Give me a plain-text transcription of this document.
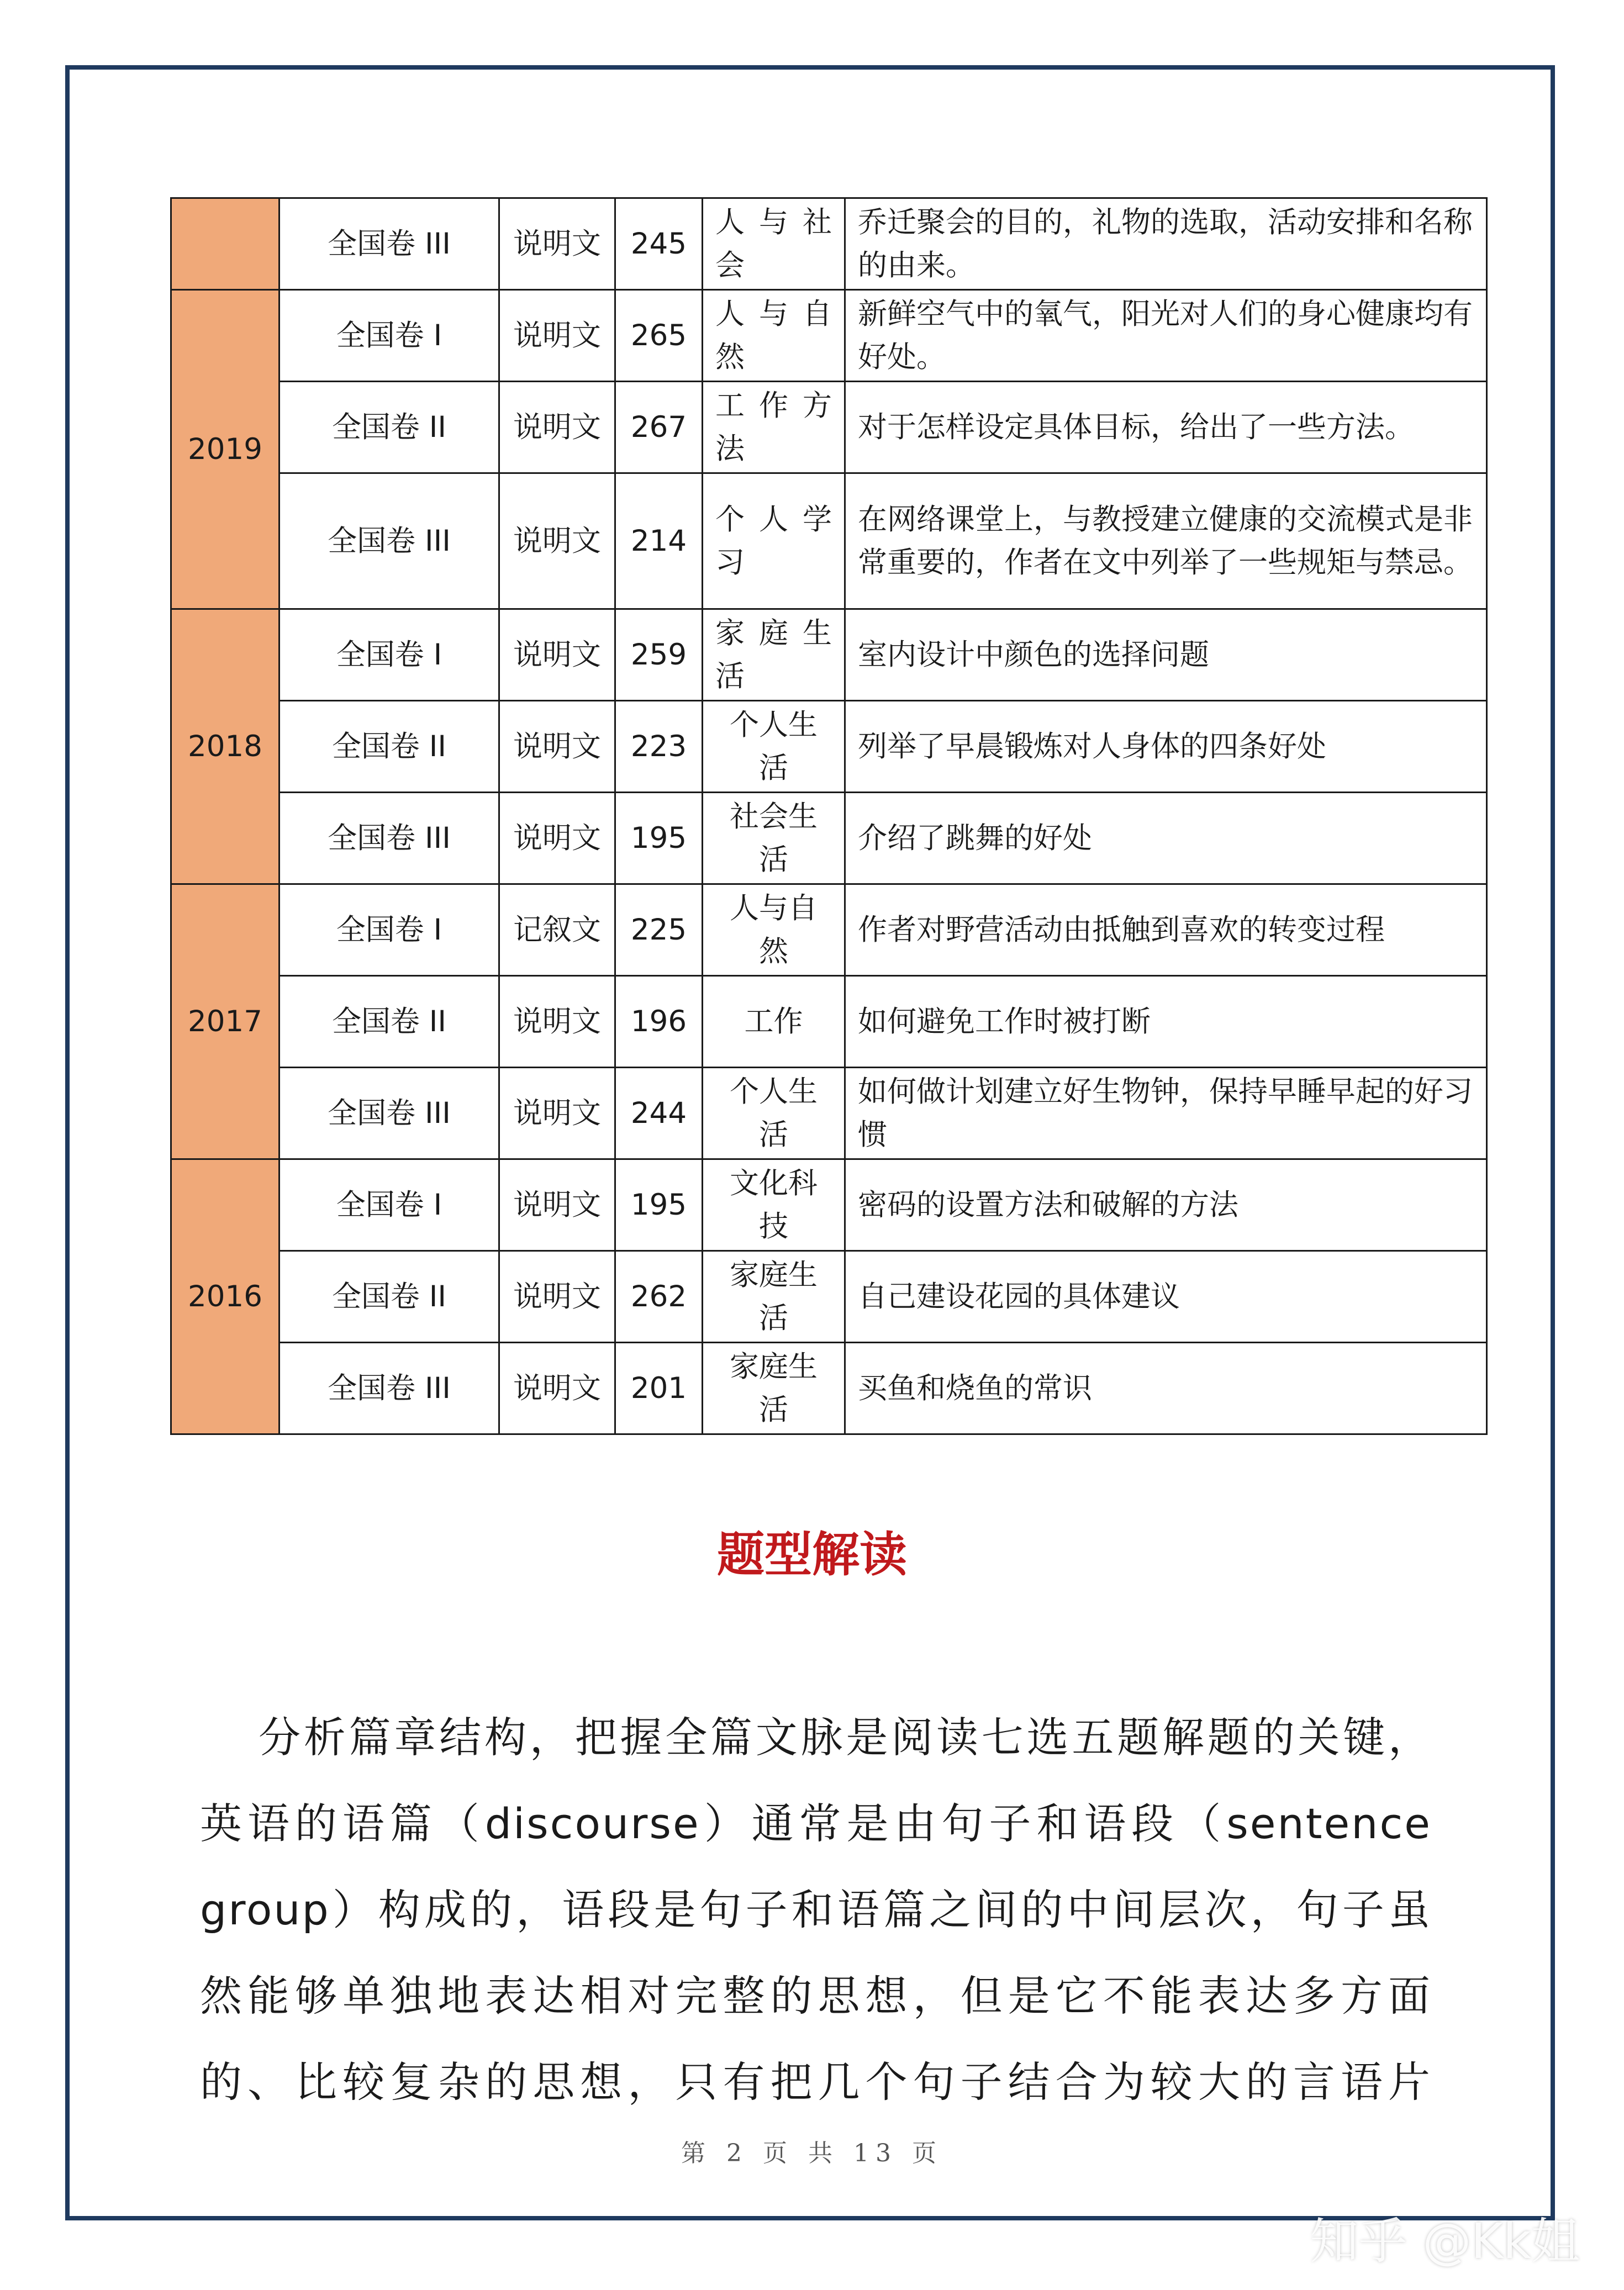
	全国卷 III	说明文	245	人与社会	乔迁聚会的目的，礼物的选取，活动安排和名称的由来。
2019	全国卷 I	说明文	265	人与自然	新鲜空气中的氧气，阳光对人们的身心健康均有好处。
	全国卷 II	说明文	267	工作方法	对于怎样设定具体目标，给出了一些方法。
	全国卷 III	说明文	214	个人学习	在网络课堂上，与教授建立健康的交流模式是非常重要的，作者在文中列举了一些规矩与禁忌。
2018	全国卷 I	说明文	259	家庭生活	室内设计中颜色的选择问题
	全国卷 II	说明文	223	个人生活	列举了早晨锻炼对人身体的四条好处
	全国卷 III	说明文	195	社会生活	介绍了跳舞的好处
2017	全国卷 I	记叙文	225	人与自然	作者对野营活动由抵触到喜欢的转变过程
	全国卷 II	说明文	196	工作	如何避免工作时被打断
	全国卷 III	说明文	244	个人生活	如何做计划建立好生物钟，保持早睡早起的好习惯
2016	全国卷 I	说明文	195	文化科技	密码的设置方法和破解的方法
	全国卷 II	说明文	262	家庭生活	自己建设花园的具体建议
	全国卷 III	说明文	201	家庭生活	买鱼和烧鱼的常识
题型解读
分析篇章结构，把握全篇文脉是阅读七选五题解题的关键，
英语的语篇（discourse）通常是由句子和语段（sentence
group）构成的，语段是句子和语篇之间的中间层次，句子虽
然能够单独地表达相对完整的思想，但是它不能表达多方面
的、比较复杂的思想，只有把几个句子结合为较大的言语片
第 2 页 共 13 页
知乎 @Kk姐
